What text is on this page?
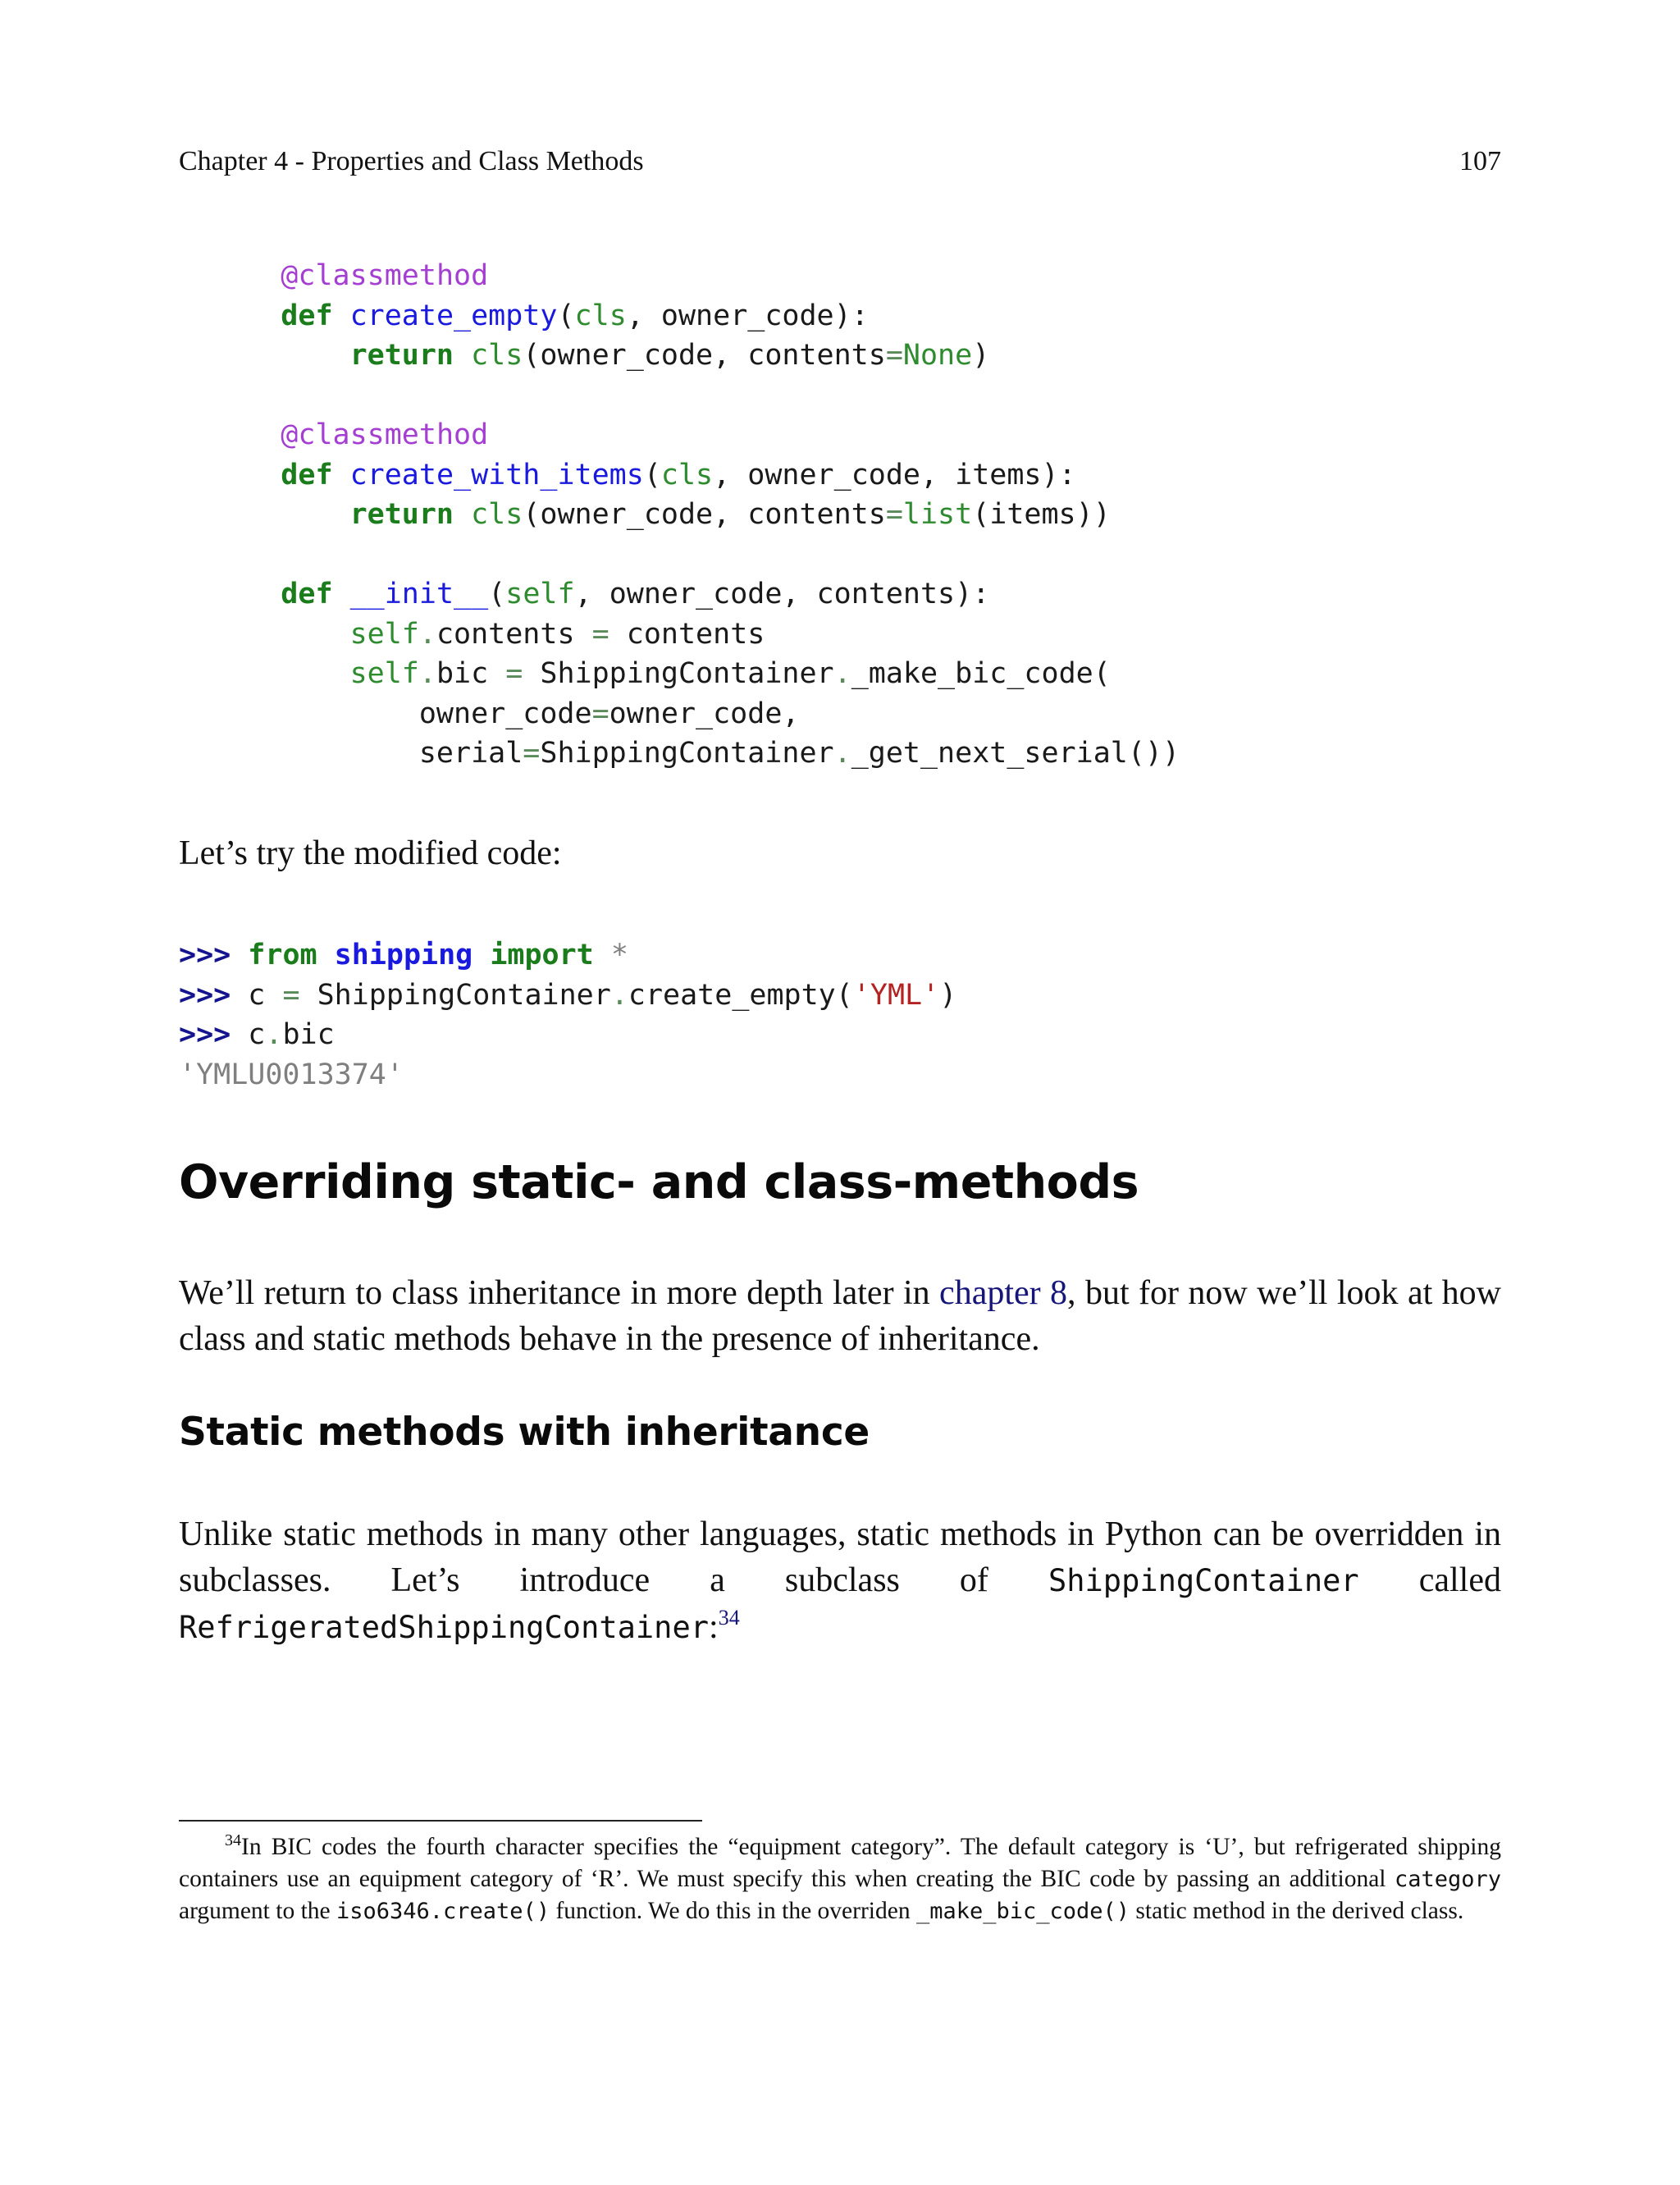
Chapter 4 - Properties and Class Methods	107
@classmethod
def create_empty(cls, owner_code):
return cls(owner_code, contents=None)

@classmethod
def create_with_items(cls, owner_code, items):
return cls(owner_code, contents=list(items))

def __init__(self, owner_code, contents):
self.contents = contents
self.bic = ShippingContainer._make_bic_code(
owner_code=owner_code,
serial=ShippingContainer._get_next_serial())

Let’s try the modified code:

>>> from shipping import *
>>> c = ShippingContainer.create_empty('YML')
>>> c.bic
'YMLU0013374'
Overriding static- and class-methods

We’ll return to class inheritance in more depth later in chapter 8, but for now we’ll look at how class and static methods behave in the presence of inheritance.

Static methods with inheritance

Unlike static methods in many other languages, static methods in Python can be overridden in subclasses. Let’s introduce a subclass of ShippingContainer called RefrigeratedShippingContainer:$^{34}$

$^{34}$In BIC codes the fourth character specifies the “equipment category”. The default category is ‘U’, but refrigerated shipping containers use an equipment category of ‘R’. We must specify this when creating the BIC code by passing an additional category argument to the iso6346.create() function. We do this in the overriden _make_bic_code() static method in the derived class.
